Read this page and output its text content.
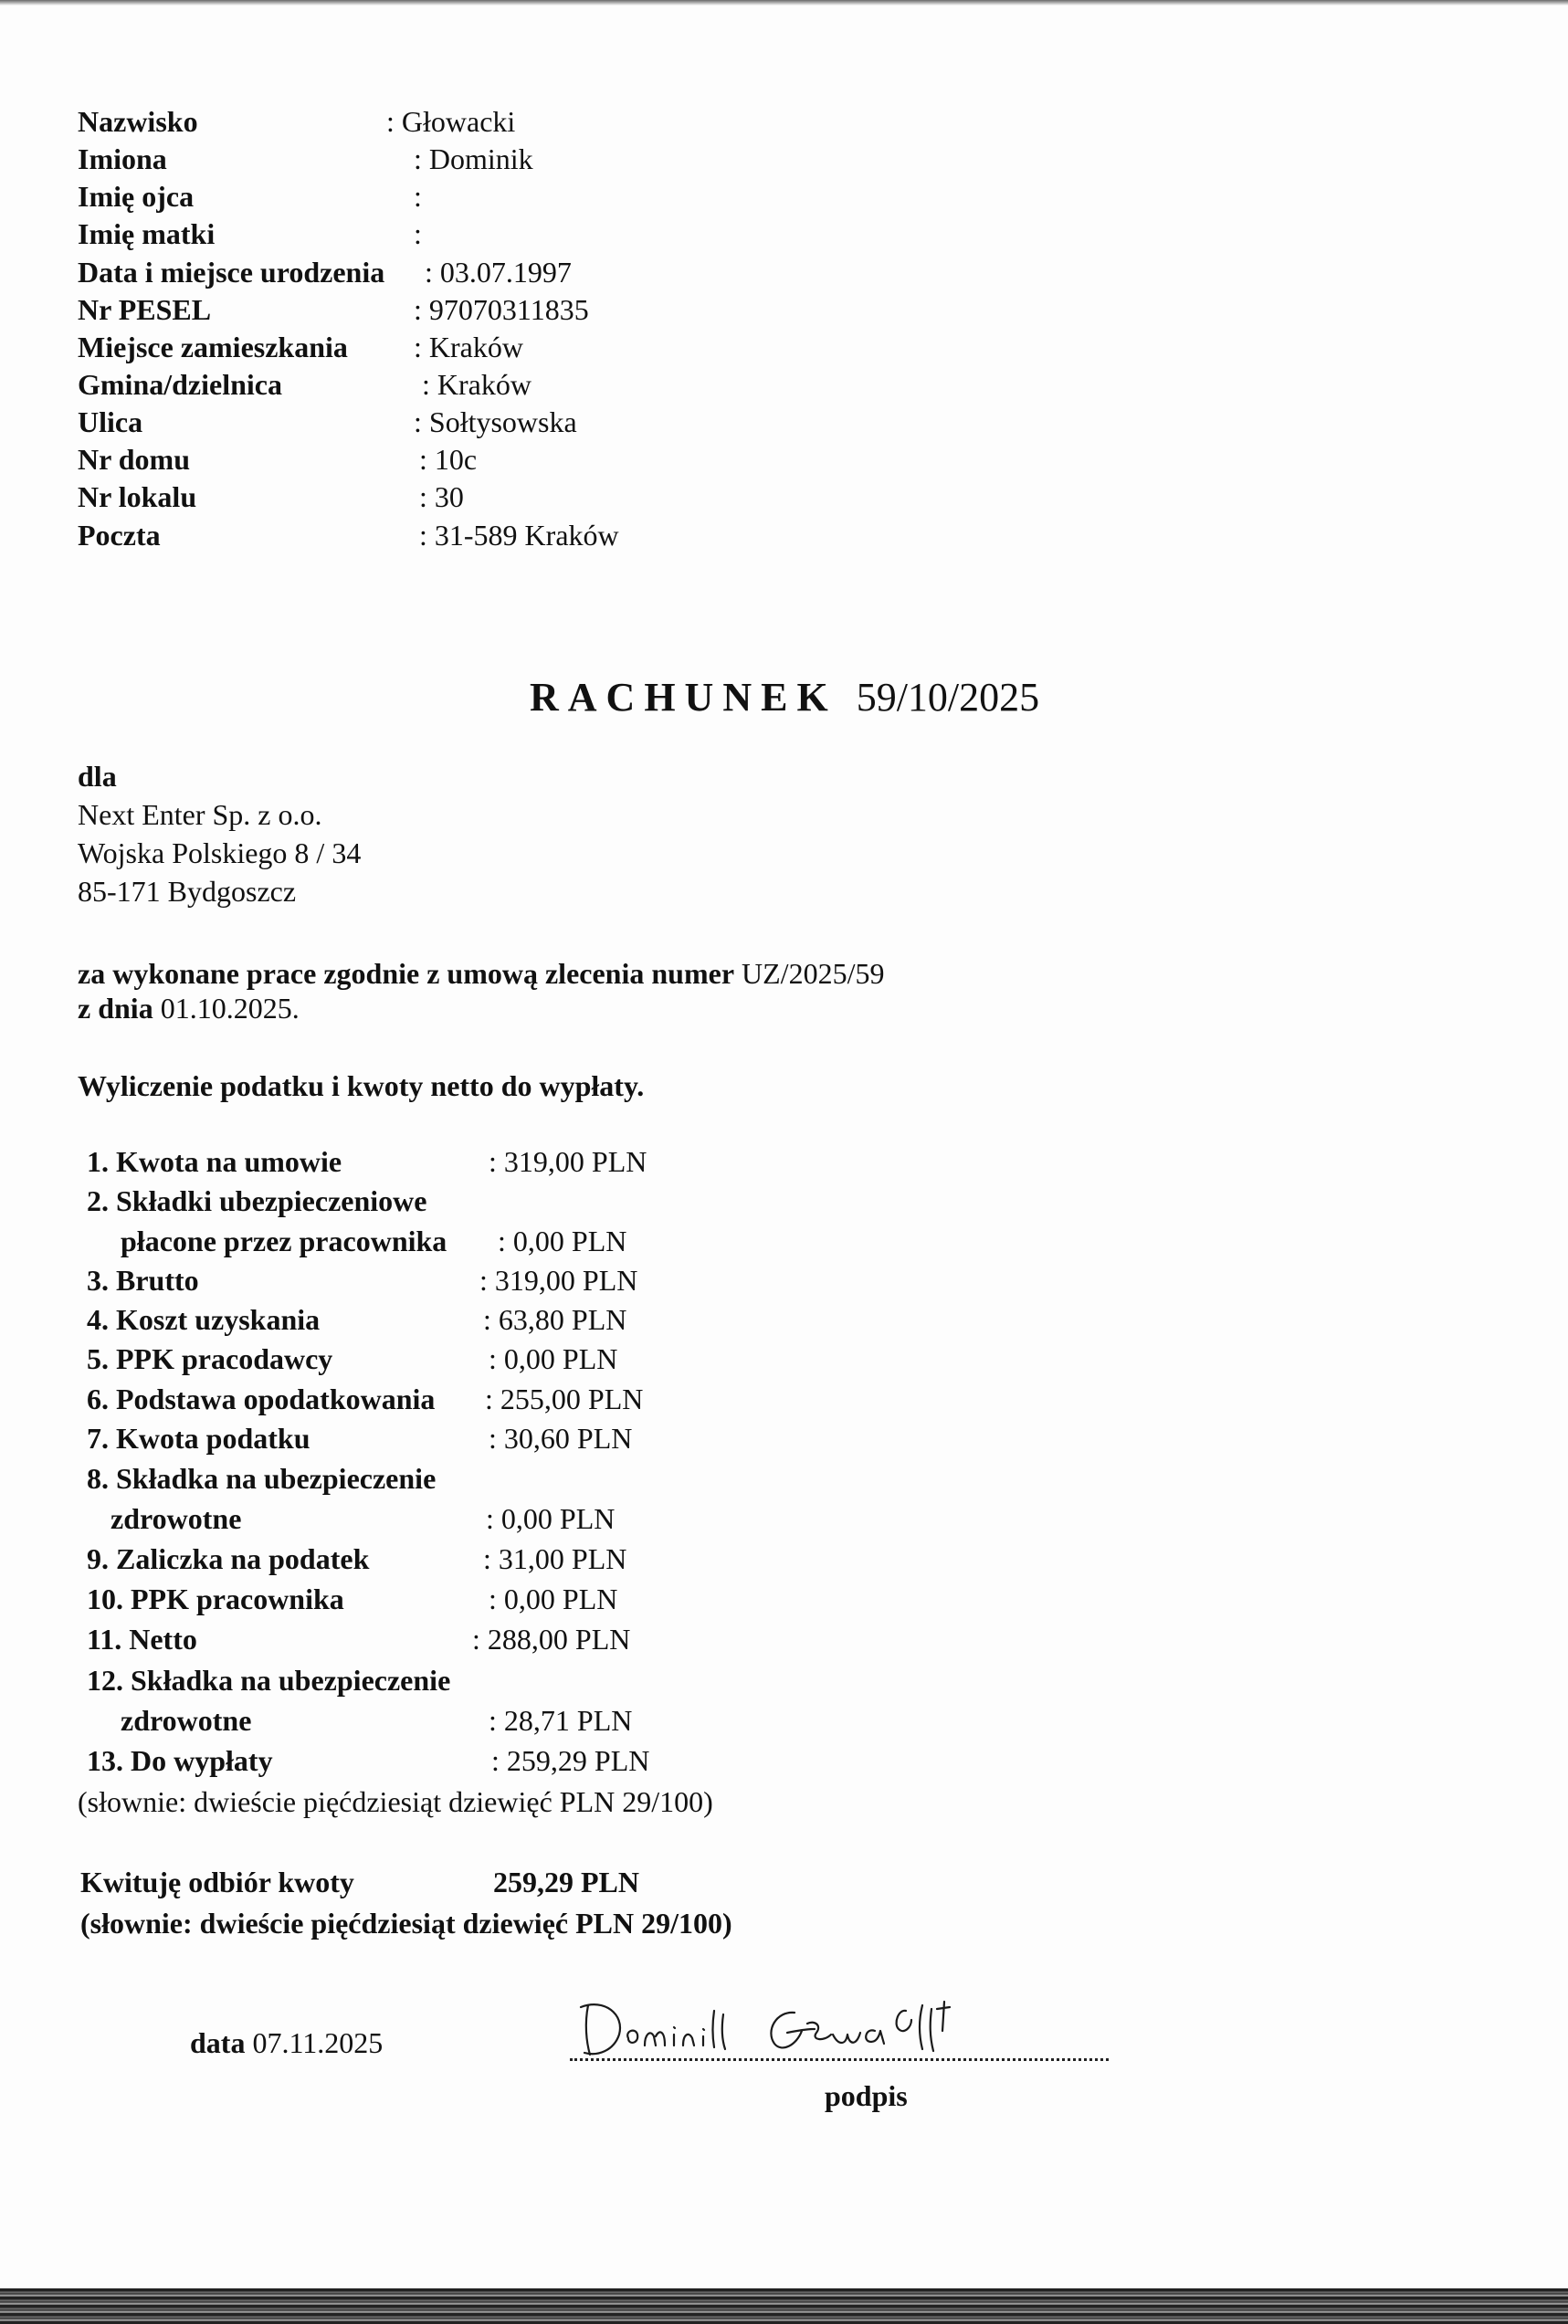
Nazwisko	: Głowacki
Imiona	: Dominik
Imię ojca	:
Imię matki	:
Data i miejsce urodzenia : 03.07.1997
Nr PESEL	: 97070311835
Miejsce zamieszkania : Kraków
Gmina/dzielnica	: Kraków
Ulica	: Sołtysowska
Nr domu	: 10c
Nr lokalu	: 30
Poczta	: 31-589 Kraków
RACHUNEK 59/10/2025
dla
Next Enter Sp. z o.o.
Wojska Polskiego 8 / 34
85-171 Bydgoszcz
za wykonane prace zgodnie z umową zlecenia numer UZ/2025/59
z dnia 01.10.2025.
Wyliczenie podatku i kwoty netto do wypłaty.
1. Kwota na umowie	: 319,00 PLN
2. Składki ubezpieczeniowe
płacone przez pracownika : 0,00 PLN
3. Brutto	: 319,00 PLN
4. Koszt uzyskania	: 63,80 PLN
5. PPK pracodawcy	: 0,00 PLN
6. Podstawa opodatkowania : 255,00 PLN
7. Kwota podatku	: 30,60 PLN
8. Składka na ubezpieczenie
zdrowotne	: 0,00 PLN
9. Zaliczka na podatek	: 31,00 PLN
10. PPK pracownika	: 0,00 PLN
11. Netto	: 288,00 PLN
12. Składka na ubezpieczenie
zdrowotne	: 28,71 PLN
13. Do wypłaty	: 259,29 PLN
(słownie: dwieście pięćdziesiąt dziewięć PLN 29/100)
Kwituję odbiór kwoty	259,29 PLN
(słownie: dwieście pięćdziesiąt dziewięć PLN 29/100)
data 07.11.2025
podpis
